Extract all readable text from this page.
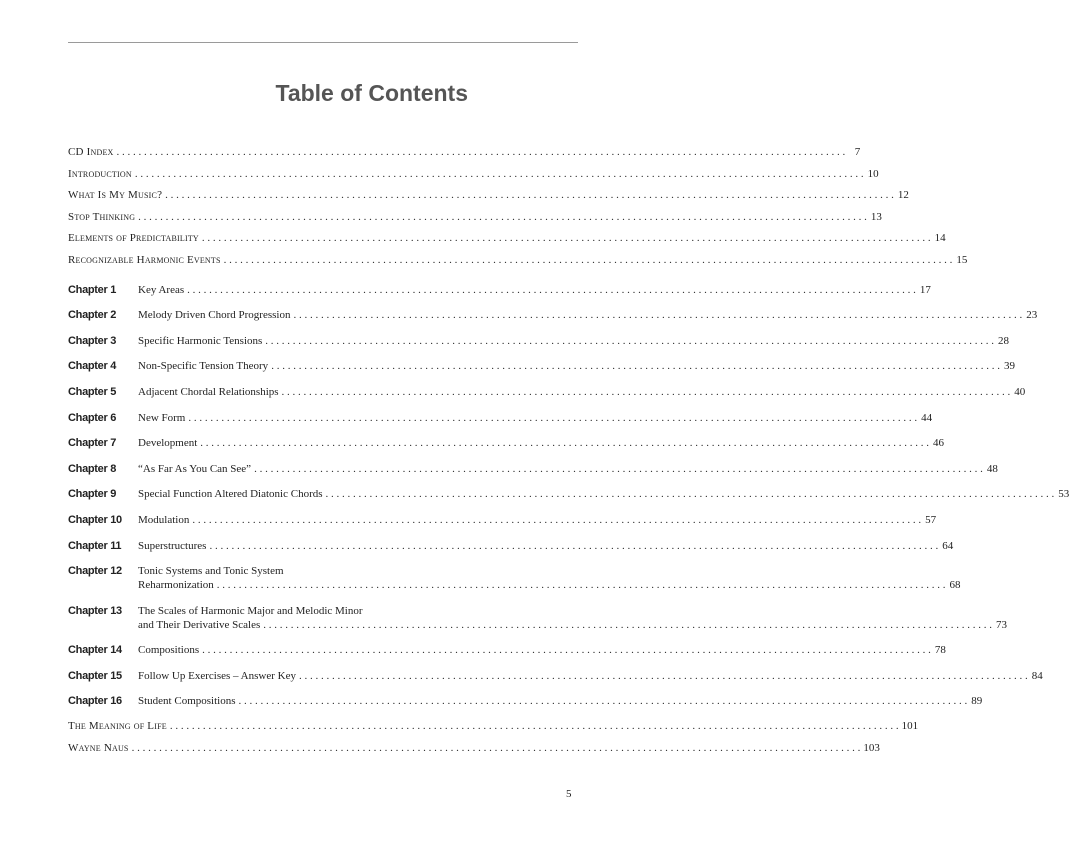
Table of Contents
CD Index . . .	7
Introduction . . .	10
What Is My Music? . . .	12
Stop Thinking . . .	13
Elements of Predictability . . .	14
Recognizable Harmonic Events . . .	15
Chapter 1	Key Areas . . .	17
Chapter 2	Melody Driven Chord Progression . . .	23
Chapter 3	Specific Harmonic Tensions . . .	28
Chapter 4	Non-Specific Tension Theory . . .	39
Chapter 5	Adjacent Chordal Relationships . . .	40
Chapter 6	New Form . . .	44
Chapter 7	Development . . .	46
Chapter 8	“As Far As You Can See” . . .	48
Chapter 9	Special Function Altered Diatonic Chords . . .	53
Chapter 10	Modulation . . .	57
Chapter 11	Superstructures . . .	64
Chapter 12	Tonic Systems and Tonic System
Reharmonization . . .	68
Chapter 13	The Scales of Harmonic Major and Melodic Minor
and Their Derivative Scales . . .	73
Chapter 14	Compositions . . .	78
Chapter 15	Follow Up Exercises – Answer Key . . .	84
Chapter 16	Student Compositions . . .	89
The Meaning of Life . . .	101
Wayne Naus . . .	103
5
